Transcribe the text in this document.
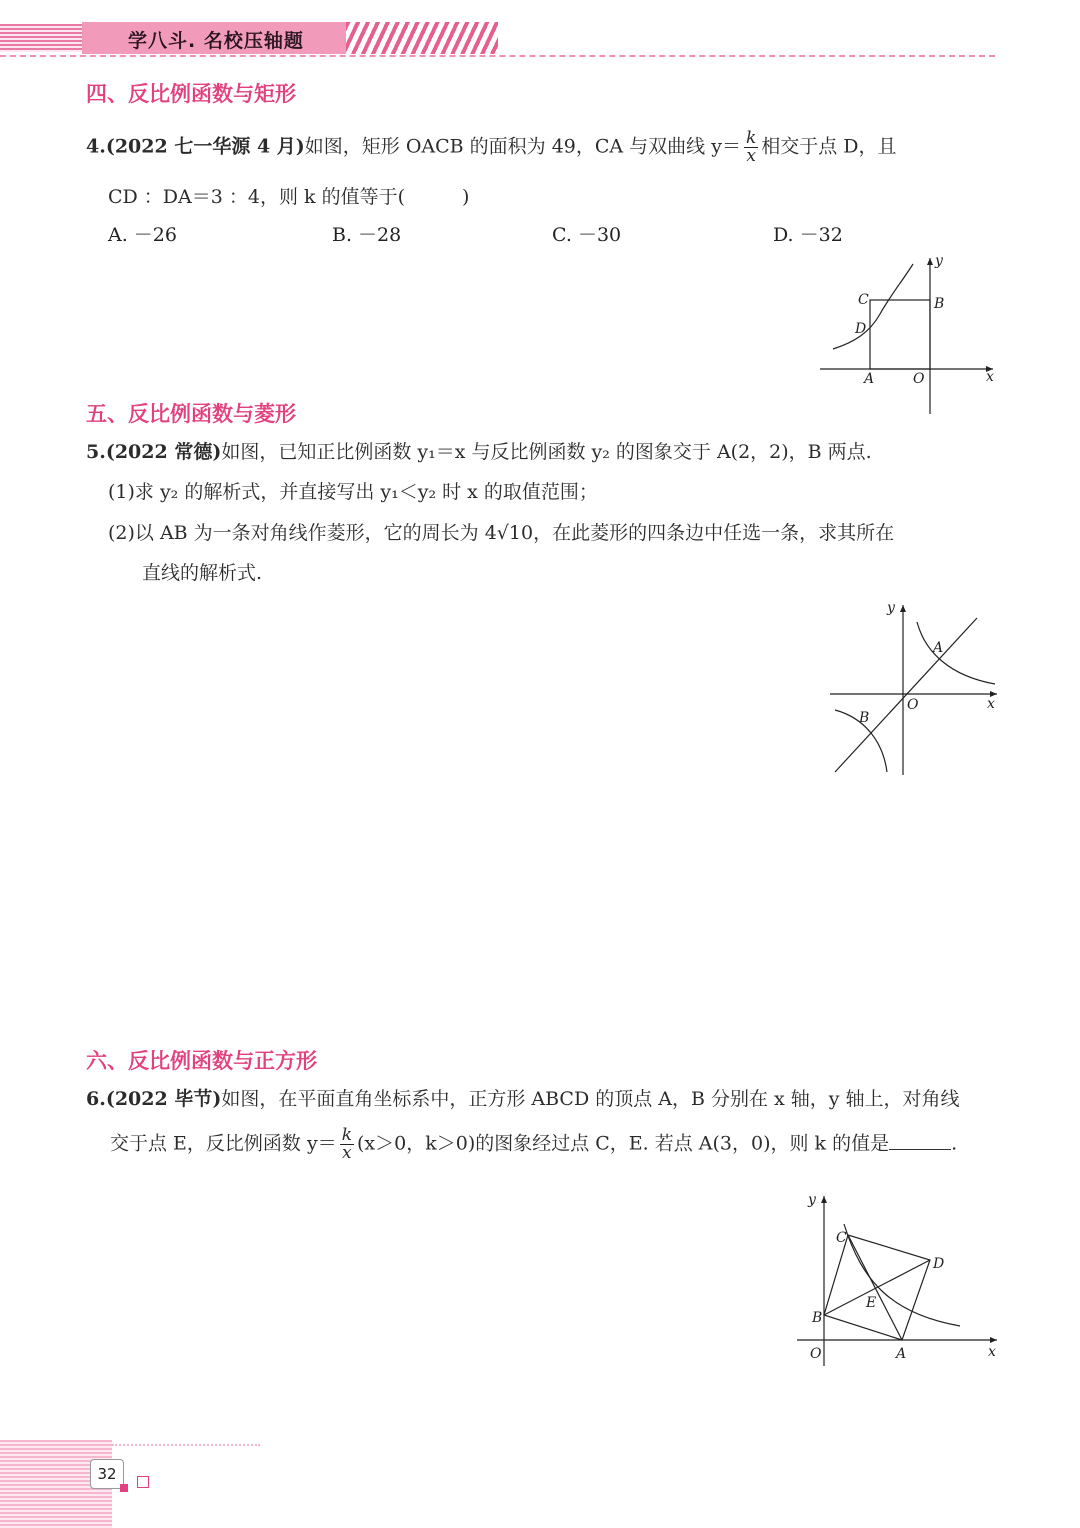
学八斗. 名校压轴题
四、反比例函数与矩形
4.(2022 七一华源 4 月)如图，矩形 OACB 的面积为 49，CA 与双曲线 $y= \frac{k}{x}$ 相交于点 D，且
CD ：DA＝3 ：4，则 k 的值等于(　　　)
A. －26	B. －28	C. －30	D. －32
y
C	B
D
A	O	x
五、反比例函数与菱形
5.(2022 常德)如图，已知正比例函数 y₁＝x 与反比例函数 y₂ 的图象交于 A(2，2)，B 两点.
(1)求 y₂ 的解析式，并直接写出 y₁＜y₂ 时 x 的取值范围；
(2)以 AB 为一条对角线作菱形，它的周长为 4√10，在此菱形的四条边中任选一条，求其所在
直线的解析式.
y
A
O	x
B
六、反比例函数与正方形
6.(2022 毕节)如图，在平面直角坐标系中，正方形 ABCD 的顶点 A，B 分别在 x 轴，y 轴上，对角线
交于点 E，反比例函数 $y= \frac{k}{x} (x>0$，k＞0)的图象经过点 C，E. 若点 A(3，0)，则 k 的值是	.
y
C
D
E
B
O	A	x
32
